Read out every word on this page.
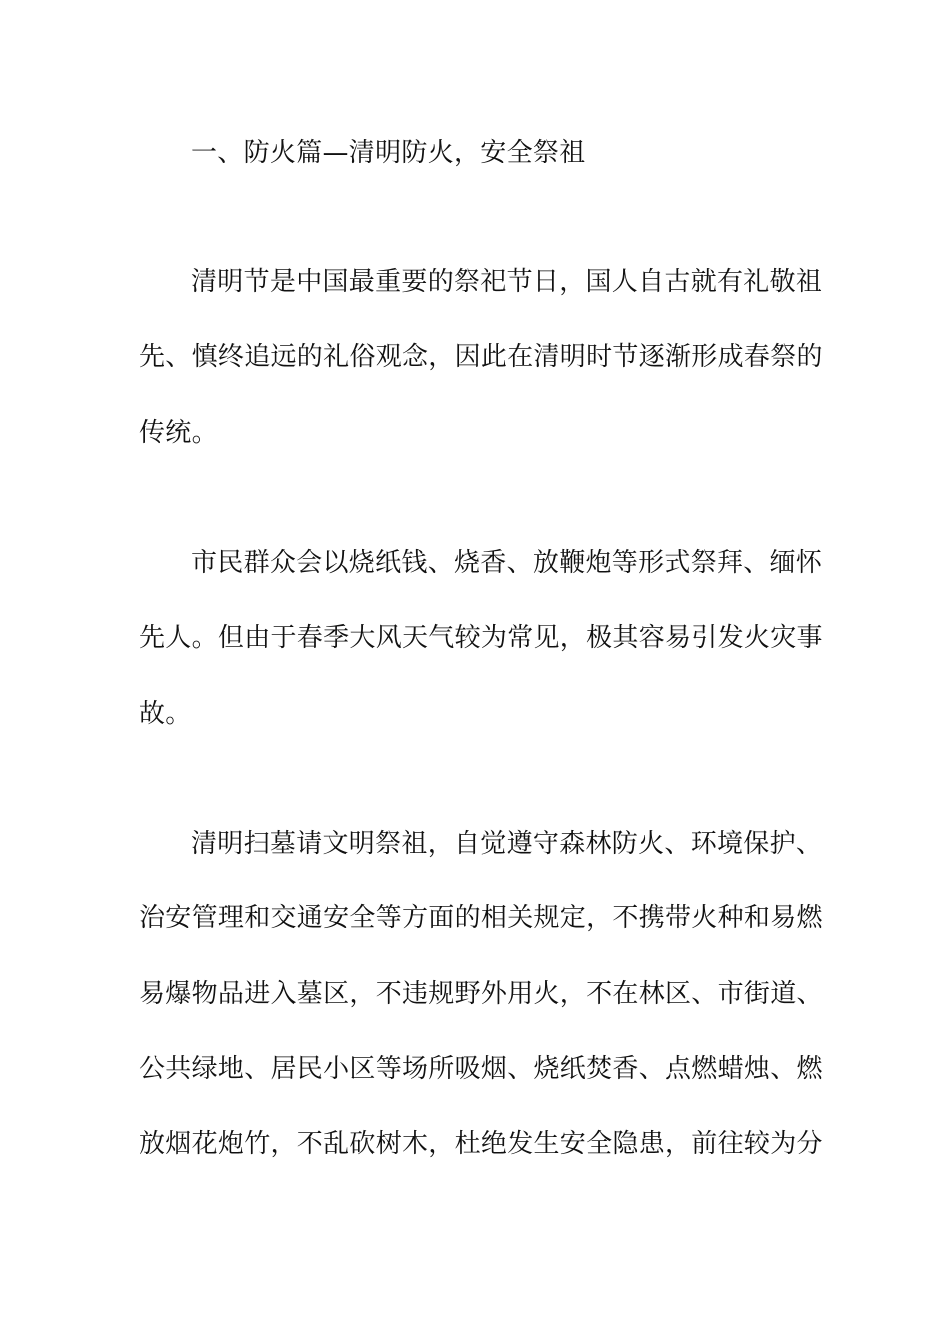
一、防火篇—清明防火，安全祭祖
清明节是中国最重要的祭祀节日，国人自古就有礼敬祖
先、慎终追远的礼俗观念，因此在清明时节逐渐形成春祭的
传统。
市民群众会以烧纸钱、烧香、放鞭炮等形式祭拜、缅怀
先人。但由于春季大风天气较为常见，极其容易引发火灾事
故。
清明扫墓请文明祭祖，自觉遵守森林防火、环境保护、
治安管理和交通安全等方面的相关规定，不携带火种和易燃
易爆物品进入墓区，不违规野外用火，不在林区、市街道、
公共绿地、居民小区等场所吸烟、烧纸焚香、点燃蜡烛、燃
放烟花炮竹，不乱砍树木，杜绝发生安全隐患，前往较为分
